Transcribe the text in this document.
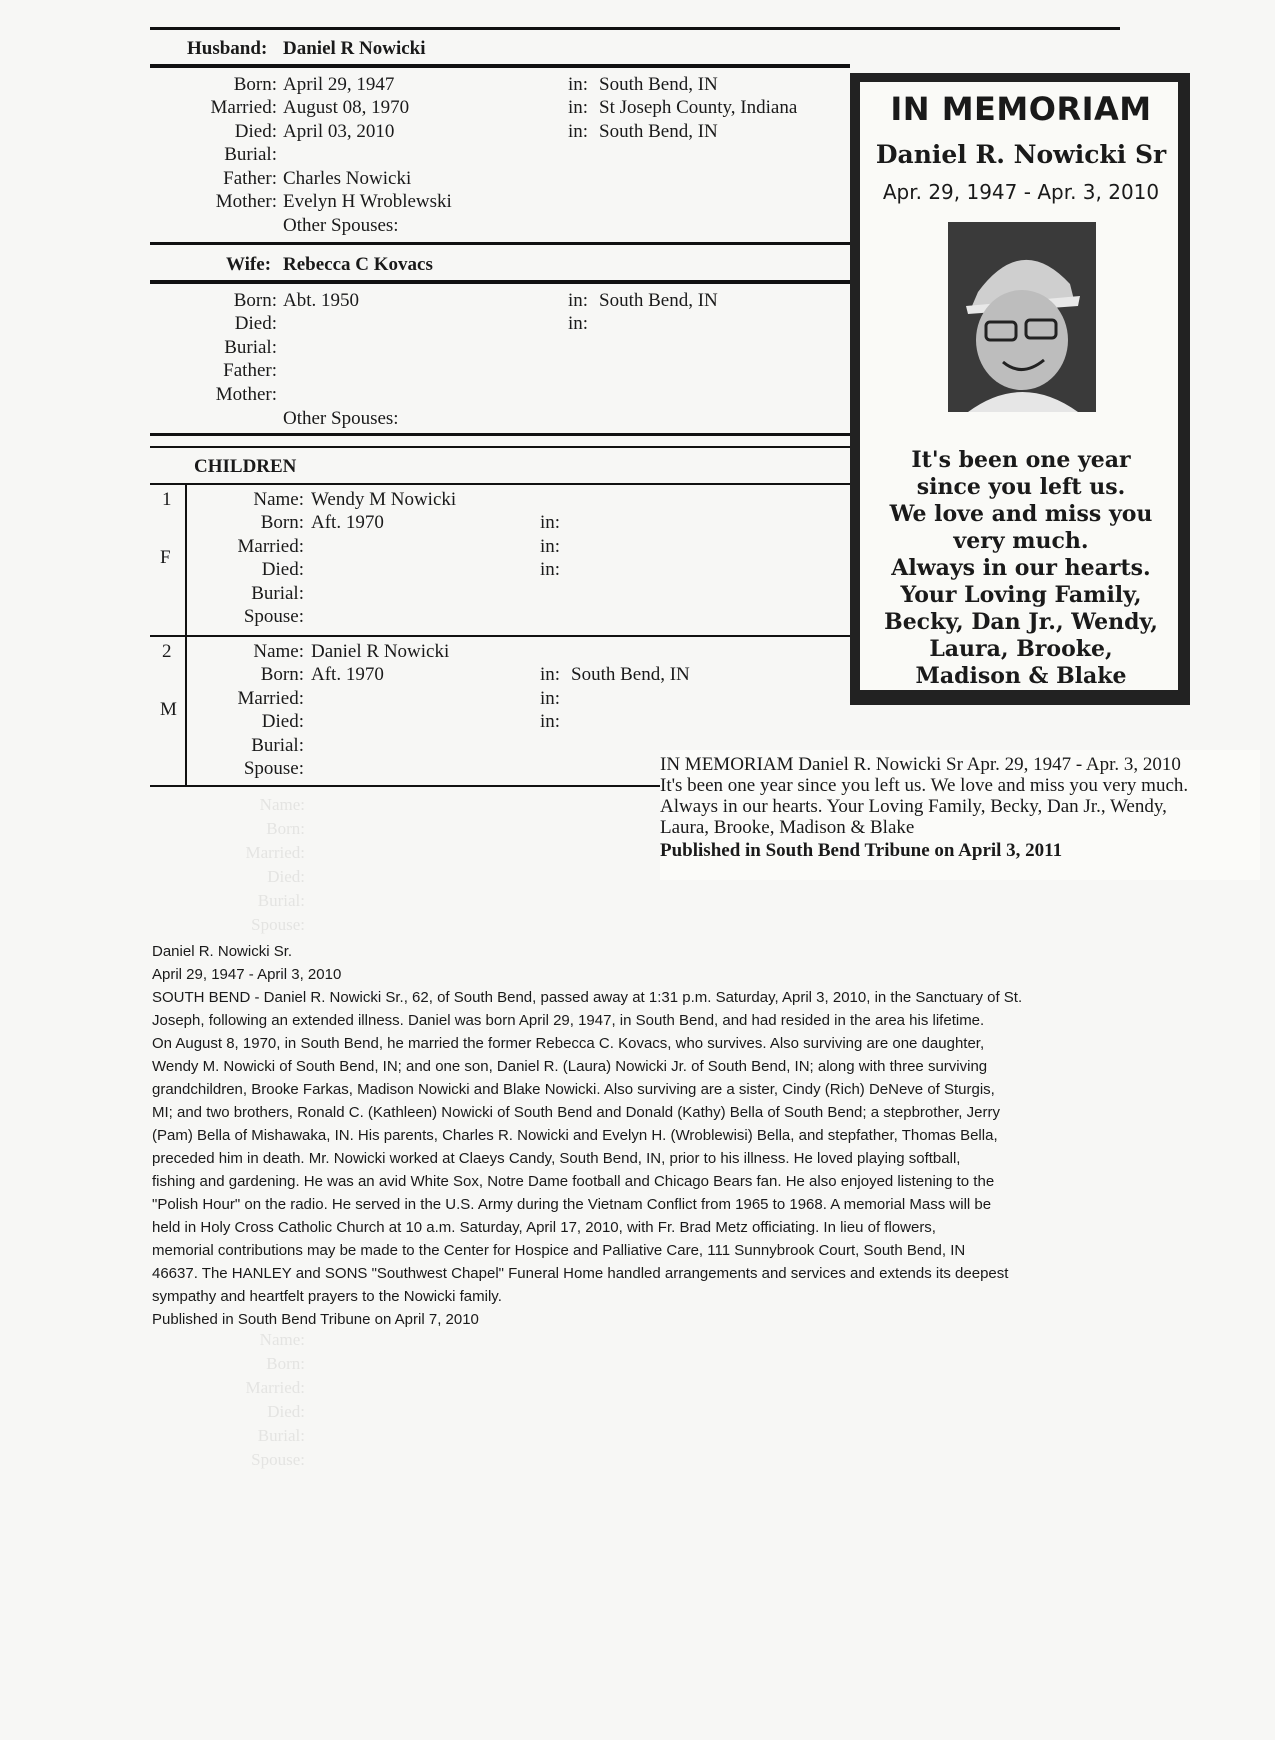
Husband: Daniel R Nowicki
Born: April 29, 1947	in: South Bend, IN
Married: August 08, 1970	in: St Joseph County, Indiana
Died: April 03, 2010	in: South Bend, IN
Burial:
Father: Charles Nowicki
Mother: Evelyn H Wroblewski
Other Spouses:
Wife: Rebecca C Kovacs
Born: Abt. 1950	in: South Bend, IN
Died:	in:
Burial:
Father:
Mother:
Other Spouses:
CHILDREN
1
F
Name: Wendy M Nowicki
Born: Aft. 1970	in:
Married:	in:
Died:	in:
Burial:
Spouse:
2
M
Name: Daniel R Nowicki
Born: Aft. 1970	in: South Bend, IN
Married:	in:
Died:	in:
Burial:
Spouse:
Name:
Born:
Married:
Died:
Burial:
Spouse:
Name:
Born:
Married:
Died:
Burial:
Spouse:
IN MEMORIAM
Daniel R. Nowicki Sr
Apr. 29, 1947 - Apr. 3, 2010
It's been one year
since you left us.
We love and miss you
very much.
Always in our hearts.
Your Loving Family,
Becky, Dan Jr., Wendy,
Laura, Brooke,
Madison & Blake
IN MEMORIAM Daniel R. Nowicki Sr Apr. 29, 1947 - Apr. 3, 2010
It's been one year since you left us. We love and miss you very much.
Always in our hearts. Your Loving Family, Becky, Dan Jr., Wendy,
Laura, Brooke, Madison & Blake
Published in South Bend Tribune on April 3, 2011
Daniel R. Nowicki Sr.
April 29, 1947 - April 3, 2010
SOUTH BEND - Daniel R. Nowicki Sr., 62, of South Bend, passed away at 1:31 p.m. Saturday, April 3, 2010, in the Sanctuary of St.
Joseph, following an extended illness. Daniel was born April 29, 1947, in South Bend, and had resided in the area his lifetime.
On August 8, 1970, in South Bend, he married the former Rebecca C. Kovacs, who survives. Also surviving are one daughter,
Wendy M. Nowicki of South Bend, IN; and one son, Daniel R. (Laura) Nowicki Jr. of South Bend, IN; along with three surviving
grandchildren, Brooke Farkas, Madison Nowicki and Blake Nowicki. Also surviving are a sister, Cindy (Rich) DeNeve of Sturgis,
MI; and two brothers, Ronald C. (Kathleen) Nowicki of South Bend and Donald (Kathy) Bella of South Bend; a stepbrother, Jerry
(Pam) Bella of Mishawaka, IN. His parents, Charles R. Nowicki and Evelyn H. (Wroblewisi) Bella, and stepfather, Thomas Bella,
preceded him in death. Mr. Nowicki worked at Claeys Candy, South Bend, IN, prior to his illness. He loved playing softball,
fishing and gardening. He was an avid White Sox, Notre Dame football and Chicago Bears fan. He also enjoyed listening to the
"Polish Hour" on the radio. He served in the U.S. Army during the Vietnam Conflict from 1965 to 1968. A memorial Mass will be
held in Holy Cross Catholic Church at 10 a.m. Saturday, April 17, 2010, with Fr. Brad Metz officiating. In lieu of flowers,
memorial contributions may be made to the Center for Hospice and Palliative Care, 111 Sunnybrook Court, South Bend, IN
46637. The HANLEY and SONS "Southwest Chapel" Funeral Home handled arrangements and services and extends its deepest
sympathy and heartfelt prayers to the Nowicki family.
Published in South Bend Tribune on April 7, 2010
